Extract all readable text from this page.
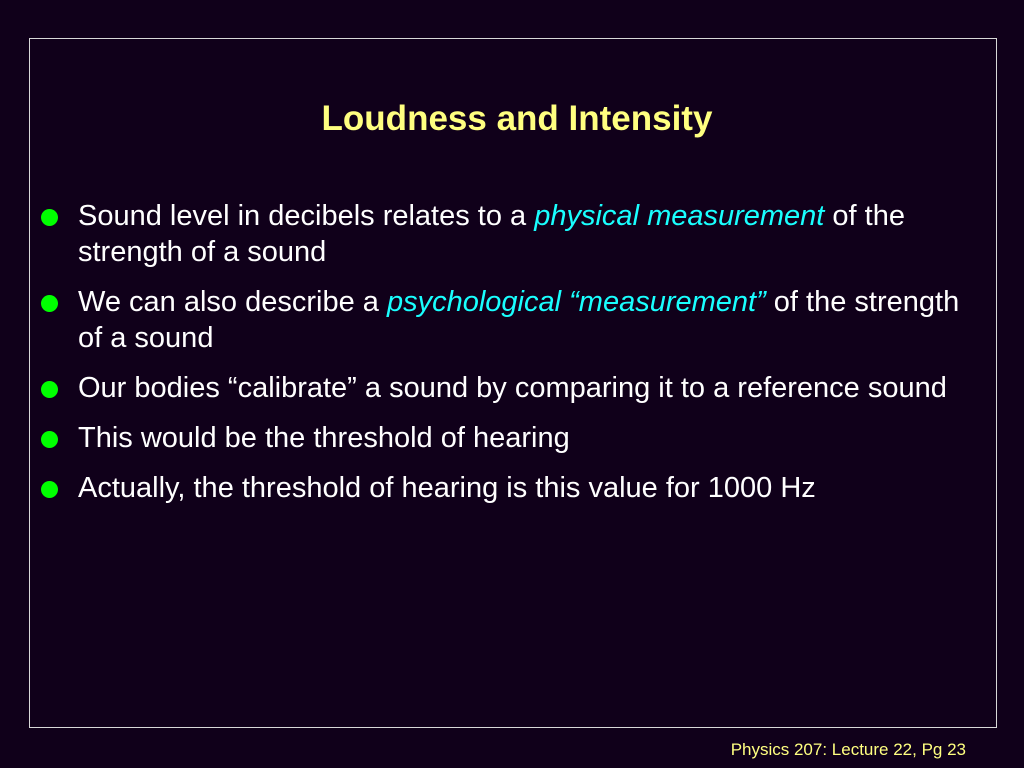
Loudness and Intensity
Sound level in decibels relates to a physical measurement of the strength of a sound
We can also describe a psychological “measurement” of the strength of a sound
Our bodies “calibrate” a sound by comparing it to a reference sound
This would be the threshold of hearing
Actually, the threshold of hearing is this value for 1000 Hz
Physics 207: Lecture 22, Pg 23
